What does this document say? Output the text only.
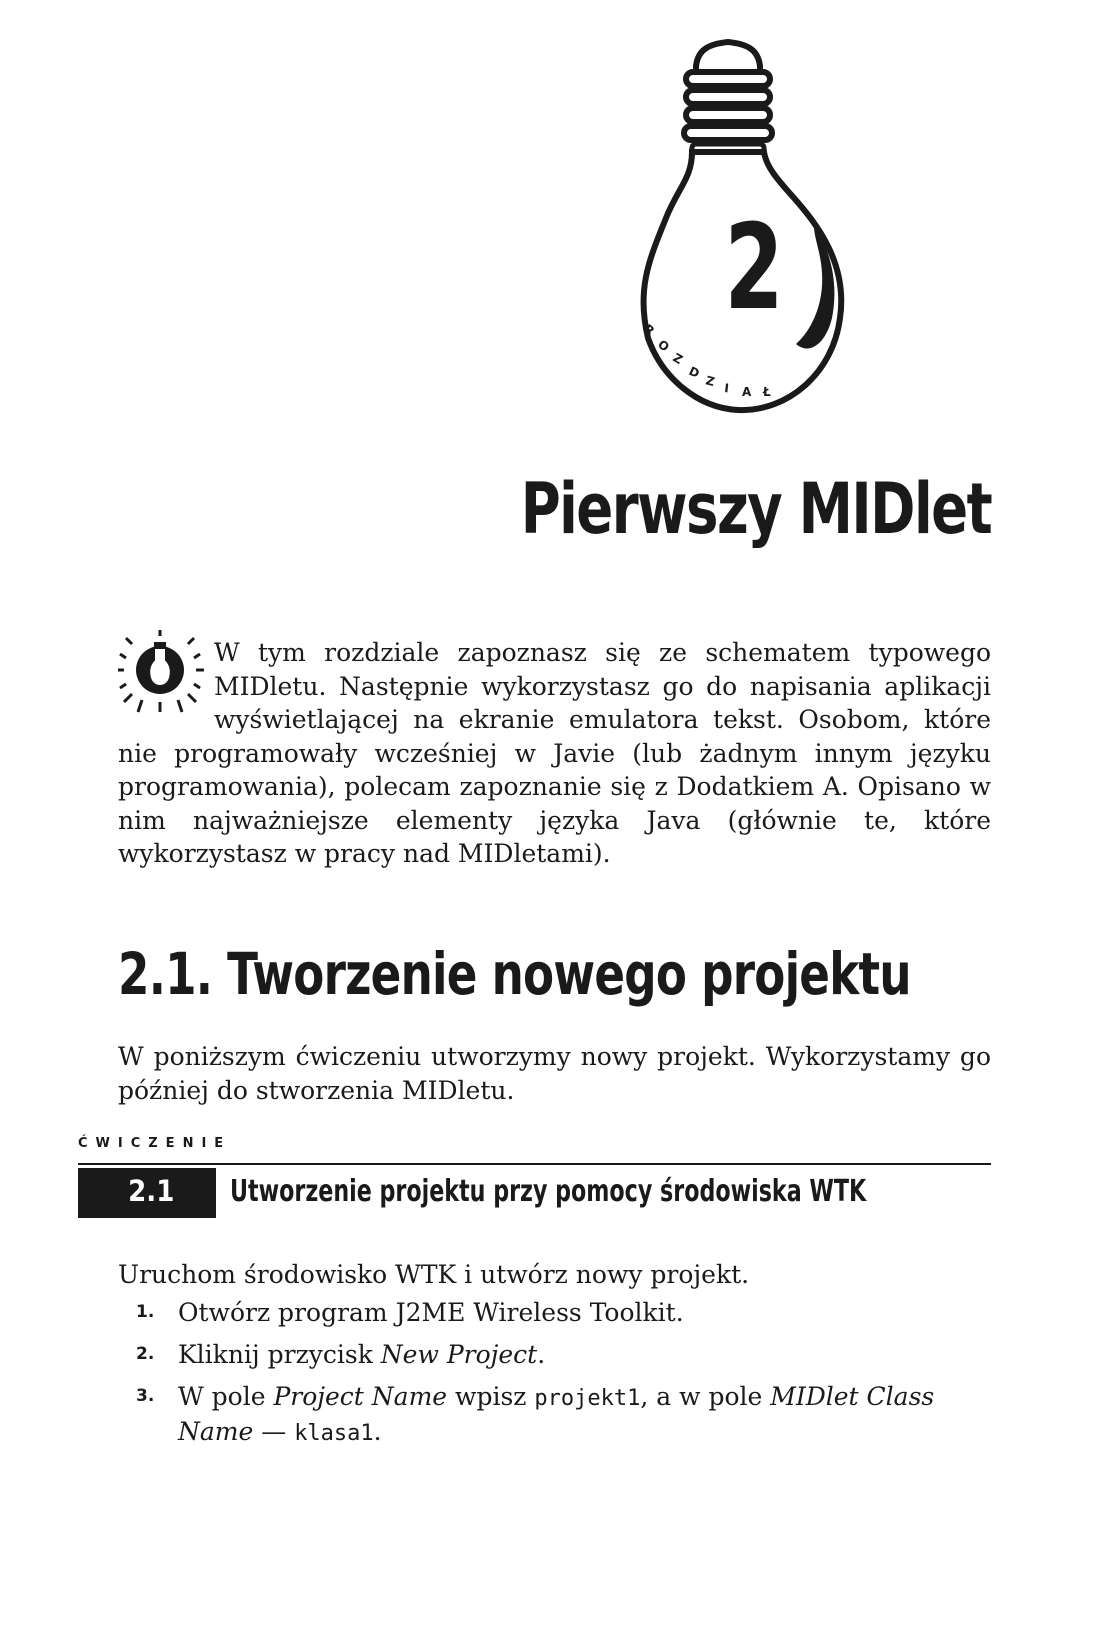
R
O
Z
D
Z I A Ł
2
Pierwszy MIDlet

W tym rozdziale zapoznasz się ze schematem typowego MIDletu. Następnie wykorzystasz go do napisania aplikacji wyświetlającej na ekranie emulatora tekst. Osobom, które nie programowały wcześniej w Javie (lub żadnym innym języku programowania), polecam zapoznanie się z Dodatkiem A. Opisano w nim najważniejsze elementy języka Java (głównie te, które wykorzystasz w pracy nad MIDletami).

2.1. Tworzenie nowego projektu

W poniższym ćwiczeniu utworzymy nowy projekt. Wykorzystamy go później do stworzenia MIDletu.

ĆWICZENIE
2.1 Utworzenie projektu przy pomocy środowiska WTK

Uruchom środowisko WTK i utwórz nowy projekt.

1. Otwórz program J2ME Wireless Toolkit.
2. Kliknij przycisk New Project.
3. W pole Project Name wpisz projekt1, a w pole MIDlet Class Name — klasa1.
